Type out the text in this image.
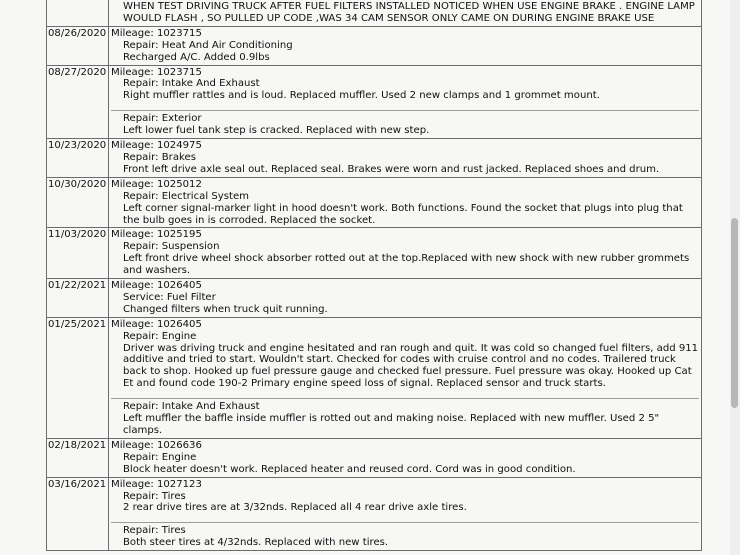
WHEN TEST DRIVING TRUCK AFTER FUEL FILTERS INSTALLED NOTICED WHEN USE ENGINE BRAKE . ENGINE LAMP WOULD FLASH , SO PULLED UP CODE ,WAS 34 CAM SENSOR ONLY CAME ON DURING ENGINE BRAKE USE
08/26/2020 Mileage: 1023715
Repair: Heat And Air Conditioning
Recharged A/C. Added 0.9lbs
08/27/2020 Mileage: 1023715
Repair: Intake And Exhaust
Right muffler rattles and is loud. Replaced muffler. Used 2 new clamps and 1 grommet mount.
Repair: Exterior
Left lower fuel tank step is cracked. Replaced with new step.
10/23/2020 Mileage: 1024975
Repair: Brakes
Front left drive axle seal out. Replaced seal. Brakes were worn and rust jacked. Replaced shoes and drum.
10/30/2020 Mileage: 1025012
Repair: Electrical System
Left corner signal-marker light in hood doesn't work. Both functions. Found the socket that plugs into plug that the bulb goes in is corroded. Replaced the socket.
11/03/2020 Mileage: 1025195
Repair: Suspension
Left front drive wheel shock absorber rotted out at the top.Replaced with new shock with new rubber grommets and washers.
01/22/2021 Mileage: 1026405
Service: Fuel Filter
Changed filters when truck quit running.
01/25/2021 Mileage: 1026405
Repair: Engine
Driver was driving truck and engine hesitated and ran rough and quit. It was cold so changed fuel filters, add 911 additive and tried to start. Wouldn't start. Checked for codes with cruise control and no codes. Trailered truck back to shop. Hooked up fuel pressure gauge and checked fuel pressure. Fuel pressure was okay. Hooked up Cat Et and found code 190-2 Primary engine speed loss of signal. Replaced sensor and truck starts.
Repair: Intake And Exhaust
Left muffler the baffle inside muffler is rotted out and making noise. Replaced with new muffler. Used 2 5" clamps.
02/18/2021 Mileage: 1026636
Repair: Engine
Block heater doesn't work. Replaced heater and reused cord. Cord was in good condition.
03/16/2021 Mileage: 1027123
Repair: Tires
2 rear drive tires are at 3/32nds. Replaced all 4 rear drive axle tires.
Repair: Tires
Both steer tires at 4/32nds. Replaced with new tires.
